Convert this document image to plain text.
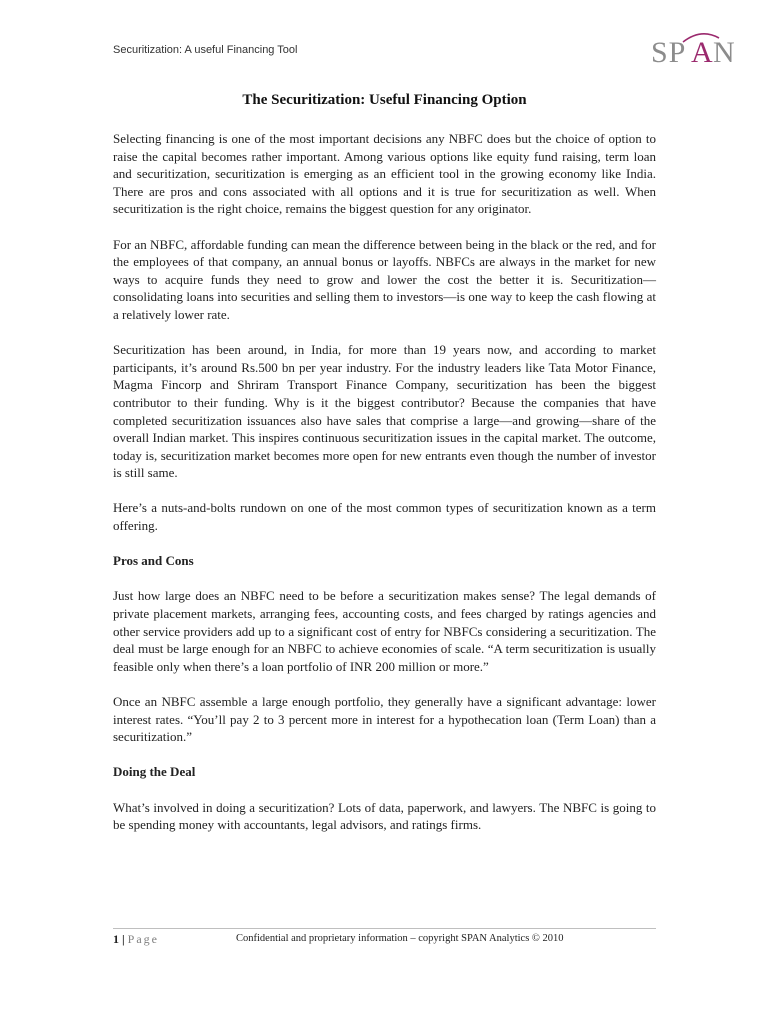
Securitization: A useful Financing Tool	SP A N
The Securitization: Useful Financing Option

Selecting financing is one of the most important decisions any NBFC does but the choice of option to raise the capital becomes rather important. Among various options like equity fund raising, term loan and securitization, securitization is emerging as an efficient tool in the growing economy like India. There are pros and cons associated with all options and it is true for securitization as well. When securitization is the right choice, remains the biggest question for any originator.

For an NBFC, affordable funding can mean the difference between being in the black or the red, and for the employees of that company, an annual bonus or layoffs. NBFCs are always in the market for new ways to acquire funds they need to grow and lower the cost the better it is. Securitization—consolidating loans into securities and selling them to investors—is one way to keep the cash flowing at a relatively lower rate.

Securitization has been around, in India, for more than 19 years now, and according to market participants, it’s around Rs.500 bn per year industry. For the industry leaders like Tata Motor Finance, Magma Fincorp and Shriram Transport Finance Company, securitization has been the biggest contributor to their funding. Why is it the biggest contributor? Because the companies that have completed securitization issuances also have sales that comprise a large—and growing—share of the overall Indian market. This inspires continuous securitization issues in the capital market. The outcome, today is, securitization market becomes more open for new entrants even though the number of investor is still same.

Here’s a nuts-and-bolts rundown on one of the most common types of securitization known as a term offering.

Pros and Cons

Just how large does an NBFC need to be before a securitization makes sense? The legal demands of private placement markets, arranging fees, accounting costs, and fees charged by ratings agencies and other service providers add up to a significant cost of entry for NBFCs considering a securitization. The deal must be large enough for an NBFC to achieve economies of scale. “A term securitization is usually feasible only when there’s a loan portfolio of INR 200 million or more.”

Once an NBFC assemble a large enough portfolio, they generally have a significant advantage: lower interest rates. “You’ll pay 2 to 3 percent more in interest for a hypothecation loan (Term Loan) than a securitization.”

Doing the Deal

What’s involved in doing a securitization? Lots of data, paperwork, and lawyers. The NBFC is going to be spending money with accountants, legal advisors, and ratings firms.

1 | Page	Confidential and proprietary information – copyright SPAN Analytics © 2010
